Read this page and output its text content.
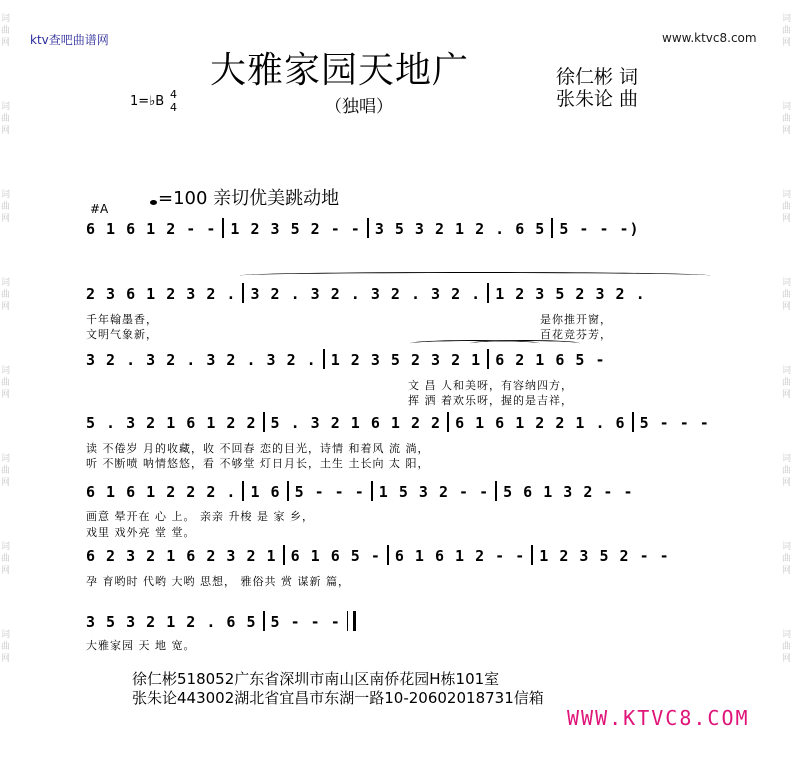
词
曲
网
词
曲
网
词
曲
网
词
曲
网
词
曲
网
词
曲
网
词
曲
网
词
曲
网
词
曲
网
词
曲
网
词
曲
网
词
曲
网
词
曲
网
词
曲
网
词
曲
网
词
曲
网
ktv查吧曲谱网	www.ktvc8.com
大雅家园天地广
（独唱）
徐仁彬 词
张朱论 曲
1=♭B 4
4
=100 亲切优美跳动地
#A
6 1 6 1 2 - - 1 2 3 5 2 - - 3 5 3 2 1 2 . 6 5 5 - - -)
2 3 6 1 2 3 2 . 3 2 . 3 2 . 3 2 . 3 2 . 1 2 3 5 2 3 2 .
3 2 . 3 2 . 3 2 . 3 2 . 1 2 3 5 2 3 2 1 6 2 1 6 5 -
5 . 3 2 1 6 1 2 2 5 . 3 2 1 6 1 2 2 6 1 6 1 2 2 1 . 6 5 - - -
6 1 6 1 2 2 2 . 1 6 5 - - - 1 5 3 2 - - 5 6 1 3 2 - -
6 2 3 2 1 6 2 3 2 1 6 1 6 5 - 6 1 6 1 2 - - 1 2 3 5 2 - -
3 5 3 2 1 2 . 6 5 5 - - -
千年翰墨香，
文明气象新，
是你推开窗，
百花竞芬芳，
文 昌 人和美呀，有容纳四方，
挥 洒 着欢乐呀，握的是吉祥，
读 不倦岁 月的收藏，收 不回春 恋的目光，诗情 和着风 流 淌，
听 不断喷 呐情悠悠，看 不够堂 灯日月长，土生 土长向 太 阳，
画意 晕开在 心 上。 亲亲 升梭 是 家 乡，
戏里 戏外亮 堂 堂。
孕 育哟时 代哟 大哟 思想， 雅俗共 赏 谋新 篇，
大雅家园 天 地 宽。
徐仁彬518052广东省深圳市南山区南侨花园H栋101室
张朱论443002湖北省宜昌市东湖一路10-20602018731信箱
WWW.KTVC8.COM
